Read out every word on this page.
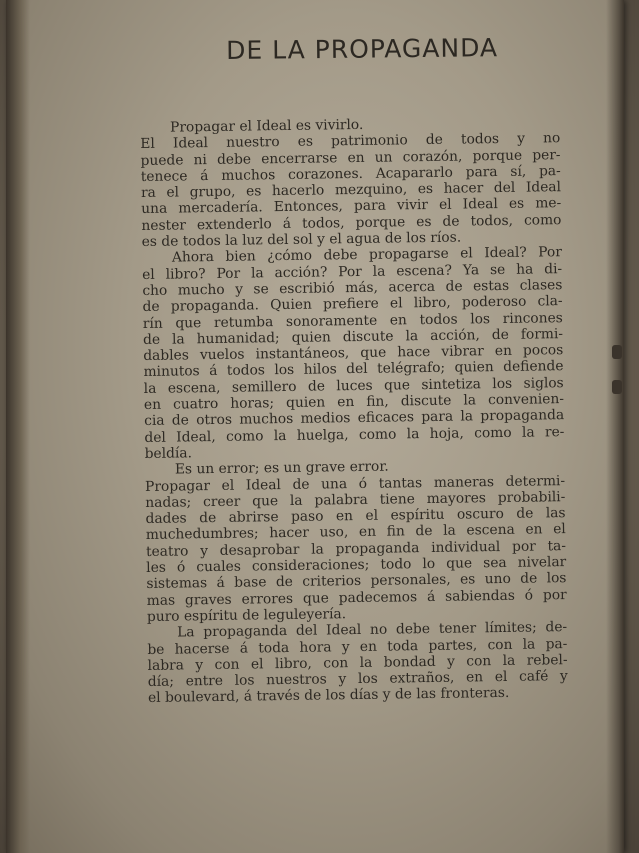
DE LA PROPAGANDA
Propagar el Ideal es vivirlo.
El Ideal nuestro es patrimonio de todos y no
puede ni debe encerrarse en un corazón, porque per-
tenece á muchos corazones. Acapararlo para sí, pa-
ra el grupo, es hacerlo mezquino, es hacer del Ideal
una mercadería. Entonces, para vivir el Ideal es me-
nester extenderlo á todos, porque es de todos, como
es de todos la luz del sol y el agua de los ríos.
Ahora bien ¿cómo debe propagarse el Ideal? Por
el libro? Por la acción? Por la escena? Ya se ha di-
cho mucho y se escribió más, acerca de estas clases
de propaganda. Quien prefiere el libro, poderoso cla-
rín que retumba sonoramente en todos los rincones
de la humanidad; quien discute la acción, de formi-
dables vuelos instantáneos, que hace vibrar en pocos
minutos á todos los hilos del telégrafo; quien defiende
la escena, semillero de luces que sintetiza los siglos
en cuatro horas; quien en fin, discute la convenien-
cia de otros muchos medios eficaces para la propaganda
del Ideal, como la huelga, como la hoja, como la re-
beldía.
Es un error; es un grave error.
Propagar el Ideal de una ó tantas maneras determi-
nadas; creer que la palabra tiene mayores probabili-
dades de abrirse paso en el espíritu oscuro de las
muchedumbres; hacer uso, en fin de la escena en el
teatro y desaprobar la propaganda individual por ta-
les ó cuales consideraciones; todo lo que sea nivelar
sistemas á base de criterios personales, es uno de los
mas graves errores que padecemos á sabiendas ó por
puro espíritu de leguleyería.
La propaganda del Ideal no debe tener límites; de-
be hacerse á toda hora y en toda partes, con la pa-
labra y con el libro, con la bondad y con la rebel-
día; entre los nuestros y los extraños, en el café y
el boulevard, á través de los días y de las fronteras.
